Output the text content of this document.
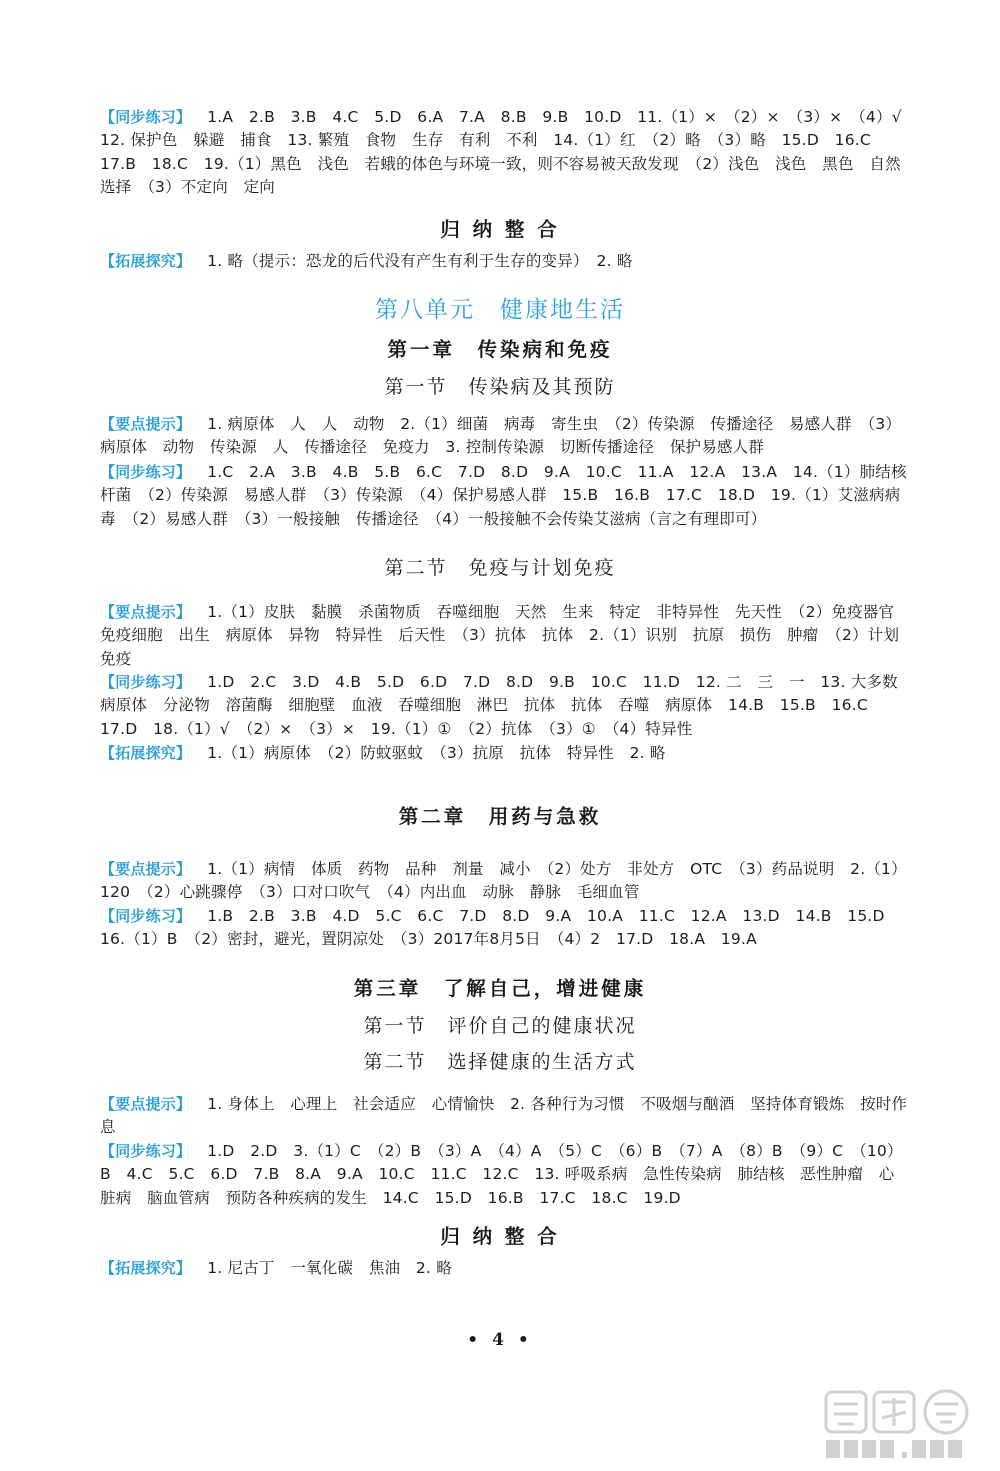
【同步练习】 1.A　2.B　3.B　4.C　5.D　6.A　7.A　8.B　9.B　10.D　11.（1）×　（2）×　（3）×　（4）√　12. 保护色　躲避　捕食　13. 繁殖　食物　生存　有利　不利　14.（1）红　（2）略　（3）略　15.D　16.C　17.B　18.C　19.（1）黑色　浅色　若蛾的体色与环境一致，则不容易被天敌发现　（2）浅色　浅色　黑色　自然选择　（3）不定向　定向
归 纳 整 合
【拓展探究】 1. 略（提示：恐龙的后代没有产生有利于生存的变异）　2. 略
第八单元　健康地生活
第一章　传染病和免疫
第一节　传染病及其预防
【要点提示】 1. 病原体　人　人　动物　2.（1）细菌　病毒　寄生虫　（2）传染源　传播途径　易感人群　（3）病原体　动物　传染源　人　传播途径　免疫力　3. 控制传染源　切断传播途径　保护易感人群
【同步练习】 1.C　2.A　3.B　4.B　5.B　6.C　7.D　8.D　9.A　10.C　11.A　12.A　13.A　14.（1）肺结核杆菌　（2）传染源　易感人群　（3）传染源　（4）保护易感人群　15.B　16.B　17.C　18.D　19.（1）艾滋病病毒　（2）易感人群　（3）一般接触　传播途径　（4）一般接触不会传染艾滋病（言之有理即可）
第二节　免疫与计划免疫
【要点提示】 1.（1）皮肤　黏膜　杀菌物质　吞噬细胞　天然　生来　特定　非特异性　先天性　（2）免疫器官　免疫细胞　出生　病原体　异物　特异性　后天性　（3）抗体　抗体　2.（1）识别　抗原　损伤　肿瘤　（2）计划免疫
【同步练习】 1.D　2.C　3.D　4.B　5.D　6.D　7.D　8.D　9.B　10.C　11.D　12. 二　三　一　13. 大多数　病原体　分泌物　溶菌酶　细胞壁　血液　吞噬细胞　淋巴　抗体　抗体　吞噬　病原体　14.B　15.B　16.C　17.D　18.（1）√　（2）×　（3）×　19.（1）①　（2）抗体　（3）①　（4）特异性
【拓展探究】 1.（1）病原体　（2）防蚊驱蚊　（3）抗原　抗体　特异性　2. 略
第二章　用药与急救
【要点提示】 1.（1）病情　体质　药物　品种　剂量　减小　（2）处方　非处方　OTC　（3）药品说明　2.（1）120　（2）心跳骤停　（3）口对口吹气　（4）内出血　动脉　静脉　毛细血管
【同步练习】 1.B　2.B　3.B　4.D　5.C　6.C　7.D　8.D　9.A　10.A　11.C　12.A　13.D　14.B　15.D　16.（1）B　（2）密封，避光，置阴凉处　（3）2017年8月5日　（4）2　17.D　18.A　19.A
第三章　了解自己，增进健康
第一节　评价自己的健康状况
第二节　选择健康的生活方式
【要点提示】 1. 身体上　心理上　社会适应　心情愉快　2. 各种行为习惯　不吸烟与酗酒　坚持体育锻炼　按时作息
【同步练习】 1.D　2.D　3.（1）C　（2）B　（3）A　（4）A　（5）C　（6）B　（7）A　（8）B　（9）C　（10）B　4.C　5.C　6.D　7.B　8.A　9.A　10.C　11.C　12.C　13. 呼吸系病　急性传染病　肺结核　恶性肿瘤　心脏病　脑血管病　预防各种疾病的发生　14.C　15.D　16.B　17.C　18.C　19.D
归 纳 整 合
【拓展探究】 1. 尼古丁　一氧化碳　焦油　2. 略
• 4 •
